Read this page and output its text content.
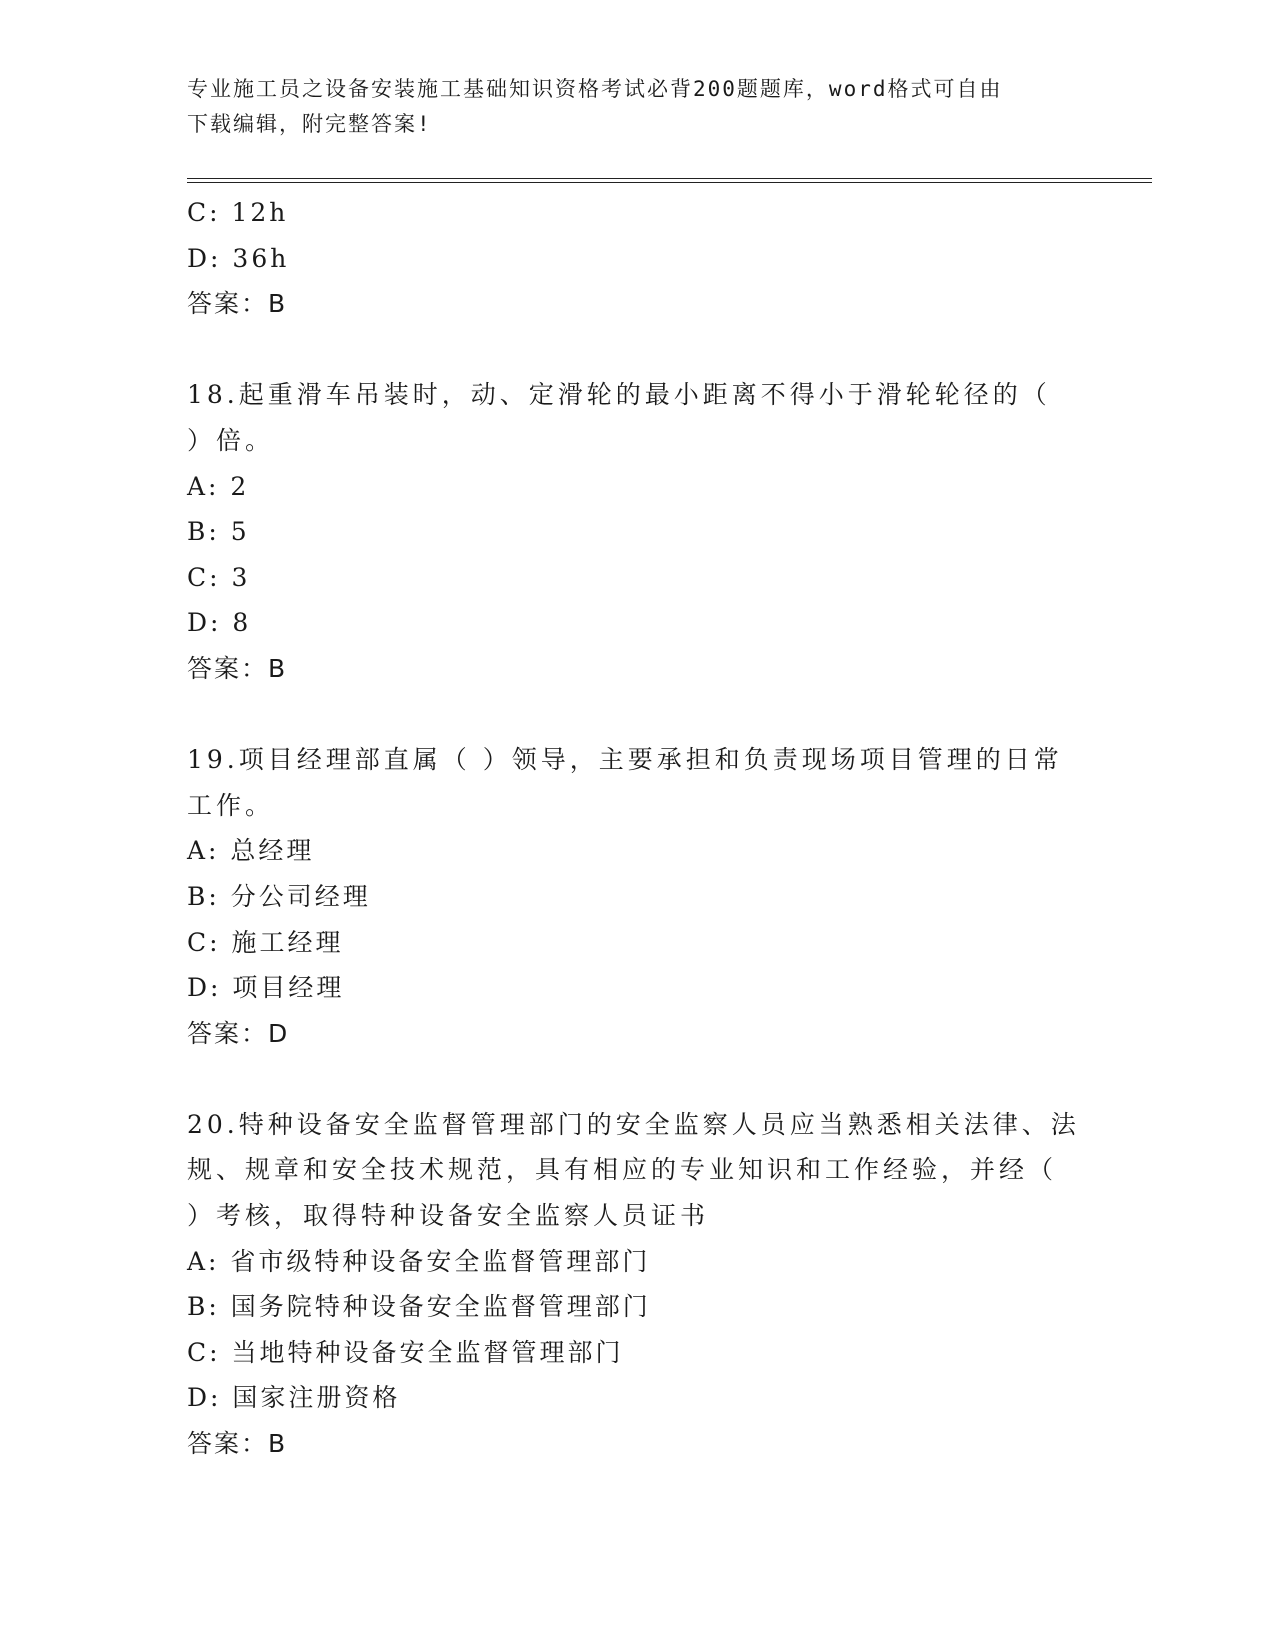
专业施工员之设备安装施工基础知识资格考试必背200题题库，word格式可自由
下载编辑，附完整答案!
C: 12h
D: 36h
答案：B
18.起重滑车吊装时，动、定滑轮的最小距离不得小于滑轮轮径的（
）倍。
A: 2
B: 5
C: 3
D: 8
答案：B
19.项目经理部直属（ ）领导，主要承担和负责现场项目管理的日常
工作。
A: 总经理
B: 分公司经理
C: 施工经理
D: 项目经理
答案：D
20.特种设备安全监督管理部门的安全监察人员应当熟悉相关法律、法
规、规章和安全技术规范，具有相应的专业知识和工作经验，并经（
）考核，取得特种设备安全监察人员证书
A: 省市级特种设备安全监督管理部门
B: 国务院特种设备安全监督管理部门
C: 当地特种设备安全监督管理部门
D: 国家注册资格
答案：B
